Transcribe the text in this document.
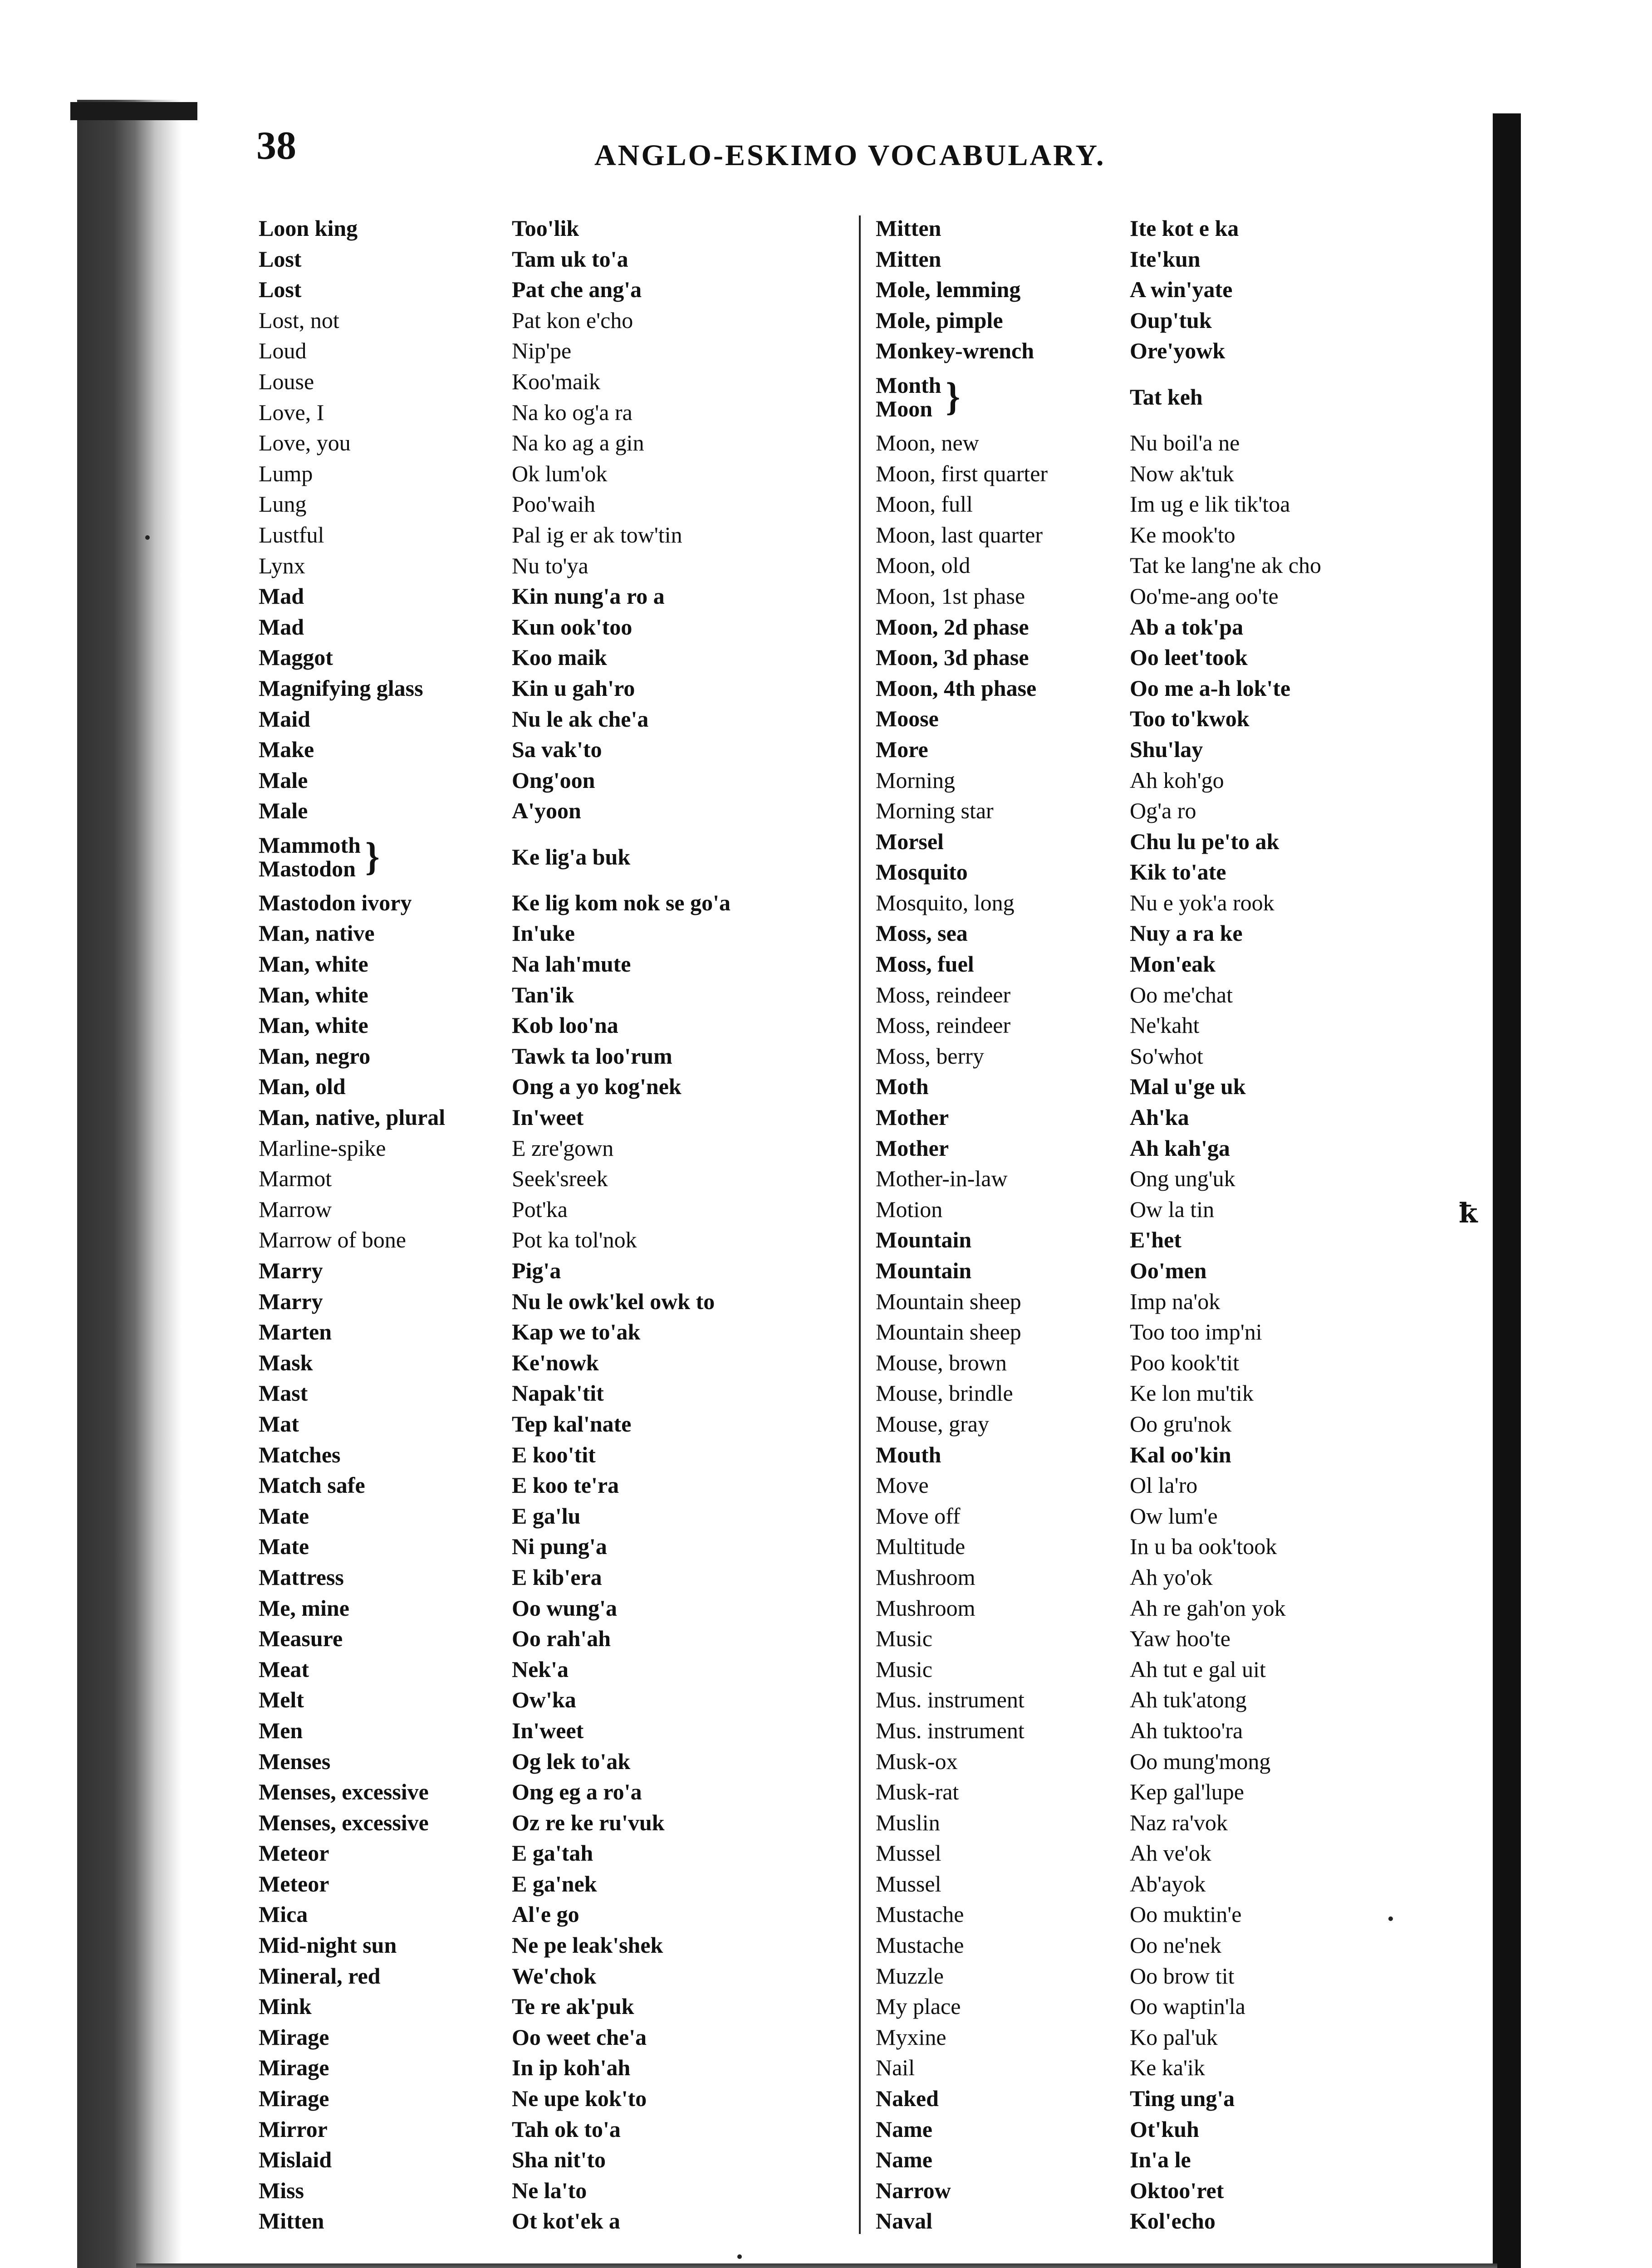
38	ANGLO-ESKIMO VOCABULARY.
Loon king
Lost
Lost
Lost, not
Loud
Louse
Love, I
Love, you
Lump
Lung
Lustful
Lynx
Mad
Mad
Maggot
Magnifying glass
Maid
Make
Male
Male
Mammoth
Mastodon }
Mastodon ivory
Man, native
Man, white
Man, white
Man, white
Man, negro
Man, old
Man, native, plural
Marline-spike
Marmot
Marrow
Marrow of bone
Marry
Marry
Marten
Mask
Mast
Mat
Matches
Match safe
Mate
Mate
Mattress
Me, mine
Measure
Meat
Melt
Men
Menses
Menses, excessive
Menses, excessive
Meteor
Meteor
Mica
Mid-night sun
Mineral, red
Mink
Mirage
Mirage
Mirage
Mirror
Mislaid
Miss
Mitten
Too'lik
Tam uk to'a
Pat che ang'a
Pat kon e'cho
Nip'pe
Koo'maik
Na ko og'a ra
Na ko ag a gin
Ok lum'ok
Poo'waih
Pal ig er ak tow'tin
Nu to'ya
Kin nung'a ro a
Kun ook'too
Koo maik
Kin u gah'ro
Nu le ak che'a
Sa vak'to
Ong'oon
A'yoon
Ke lig'a buk
Ke lig kom nok se go'a
In'uke
Na lah'mute
Tan'ik
Kob loo'na
Tawk ta loo'rum
Ong a yo kog'nek
In'weet
E zre'gown
Seek'sreek
Pot'ka
Pot ka tol'nok
Pig'a
Nu le owk'kel owk to
Kap we to'ak
Ke'nowk
Napak'tit
Tep kal'nate
E koo'tit
E koo te'ra
E ga'lu
Ni pung'a
E kib'era
Oo wung'a
Oo rah'ah
Nek'a
Ow'ka
In'weet
Og lek to'ak
Ong eg a ro'a
Oz re ke ru'vuk
E ga'tah
E ga'nek
Al'e go
Ne pe leak'shek
We'chok
Te re ak'puk
Oo weet che'a
In ip koh'ah
Ne upe kok'to
Tah ok to'a
Sha nit'to
Ne la'to
Ot kot'ek a
Mitten
Mitten
Mole, lemming
Mole, pimple
Monkey-wrench
Month
Moon }
Moon, new
Moon, first quarter
Moon, full
Moon, last quarter
Moon, old
Moon, 1st phase
Moon, 2d phase
Moon, 3d phase
Moon, 4th phase
Moose
More
Morning
Morning star
Morsel
Mosquito
Mosquito, long
Moss, sea
Moss, fuel
Moss, reindeer
Moss, reindeer
Moss, berry
Moth
Mother
Mother
Mother-in-law
Motion
Mountain
Mountain
Mountain sheep
Mountain sheep
Mouse, brown
Mouse, brindle
Mouse, gray
Mouth
Move
Move off
Multitude
Mushroom
Mushroom
Music
Music
Mus. instrument
Mus. instrument
Musk-ox
Musk-rat
Muslin
Mussel
Mussel
Mustache
Mustache
Muzzle
My place
Myxine
Nail
Naked
Name
Name
Narrow
Naval
Ite kot e ka
Ite'kun
A win'yate
Oup'tuk
Ore'yowk
Tat keh
Nu boil'a ne
Now ak'tuk
Im ug e lik tik'toa
Ke mook'to
Tat ke lang'ne ak cho
Oo'me-ang oo'te
Ab a tok'pa
Oo leet'took
Oo me a-h lok'te
Too to'kwok
Shu'lay
Ah koh'go
Og'a ro
Chu lu pe'to ak
Kik to'ate
Nu e yok'a rook
Nuy a ra ke
Mon'eak
Oo me'chat
Ne'kaht
So'whot
Mal u'ge uk
Ah'ka
Ah kah'ga
Ong ung'uk
Ow la tin
E'het
Oo'men
Imp na'ok
Too too imp'ni
Poo kook'tit
Ke lon mu'tik
Oo gru'nok
Kal oo'kin
Ol la'ro
Ow lum'e
In u ba ook'took
Ah yo'ok
Ah re gah'on yok
Yaw hoo'te
Ah tut e gal uit
Ah tuk'atong
Ah tuktoo'ra
Oo mung'mong
Kep gal'lupe
Naz ra'vok
Ah ve'ok
Ab'ayok
Oo muktin'e
Oo ne'nek
Oo brow tit
Oo waptin'la
Ko pal'uk
Ke ka'ik
Ting ung'a
Ot'kuh
In'a le
Oktoo'ret
Kol'echo
ꝁ
